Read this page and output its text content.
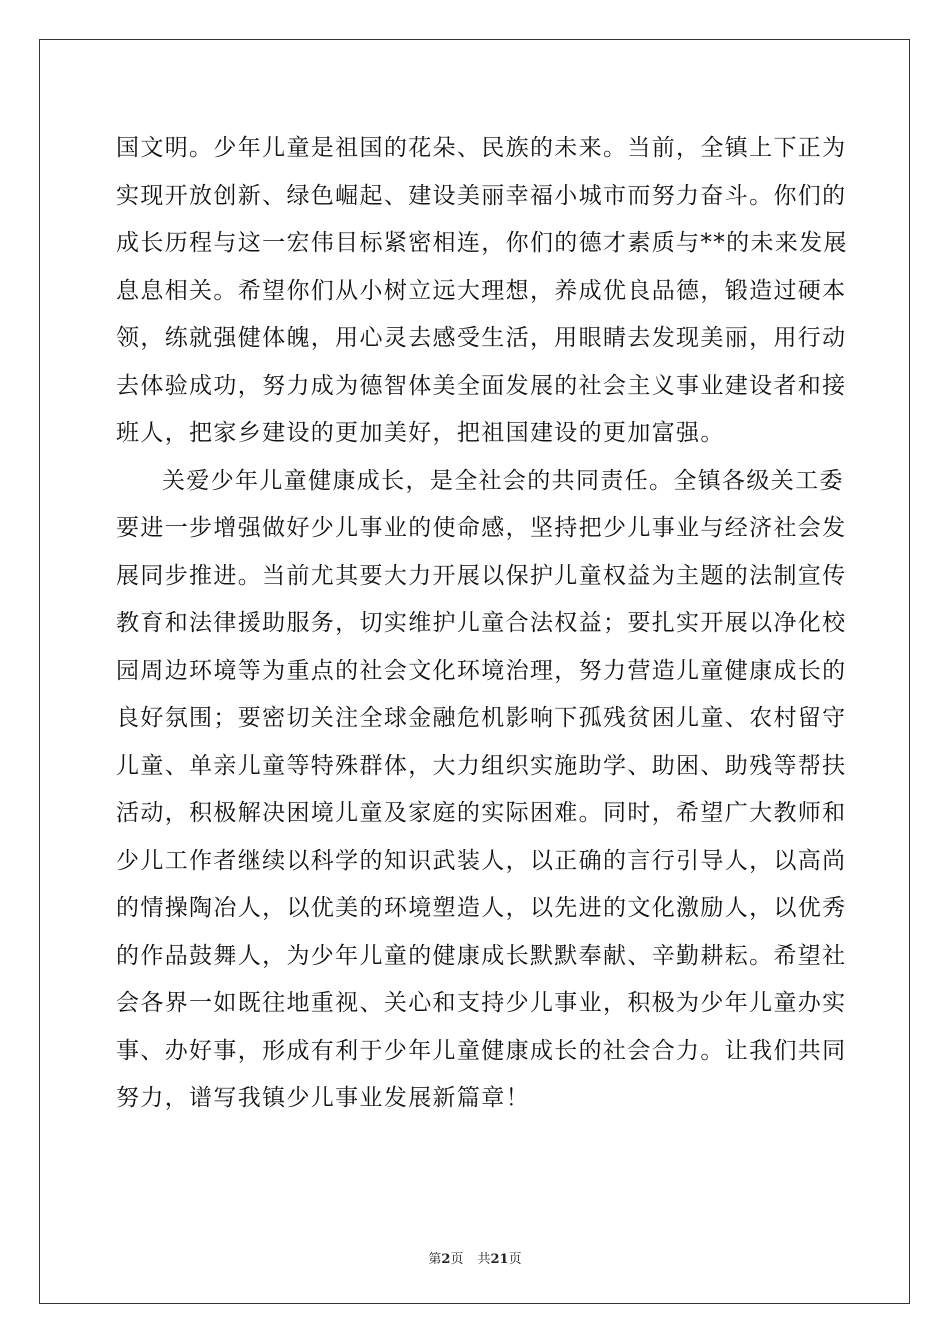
国文明。少年儿童是祖国的花朵、民族的未来。当前，全镇上下正为

实现开放创新、绿色崛起、建设美丽幸福小城市而努力奋斗。你们的

成长历程与这一宏伟目标紧密相连，你们的德才素质与**的未来发展

息息相关。希望你们从小树立远大理想，养成优良品德，锻造过硬本

领，练就强健体魄，用心灵去感受生活，用眼睛去发现美丽，用行动

去体验成功，努力成为德智体美全面发展的社会主义事业建设者和接

班人，把家乡建设的更加美好，把祖国建设的更加富强。

关爱少年儿童健康成长，是全社会的共同责任。全镇各级关工委

要进一步增强做好少儿事业的使命感，坚持把少儿事业与经济社会发

展同步推进。当前尤其要大力开展以保护儿童权益为主题的法制宣传

教育和法律援助服务，切实维护儿童合法权益；要扎实开展以净化校

园周边环境等为重点的社会文化环境治理，努力营造儿童健康成长的

良好氛围；要密切关注全球金融危机影响下孤残贫困儿童、农村留守

儿童、单亲儿童等特殊群体，大力组织实施助学、助困、助残等帮扶

活动，积极解决困境儿童及家庭的实际困难。同时，希望广大教师和

少儿工作者继续以科学的知识武装人，以正确的言行引导人，以高尚

的情操陶冶人，以优美的环境塑造人，以先进的文化激励人，以优秀

的作品鼓舞人，为少年儿童的健康成长默默奉献、辛勤耕耘。希望社

会各界一如既往地重视、关心和支持少儿事业，积极为少年儿童办实

事、办好事，形成有利于少年儿童健康成长的社会合力。让我们共同

努力，谱写我镇少儿事业发展新篇章！

第2页 共21页
